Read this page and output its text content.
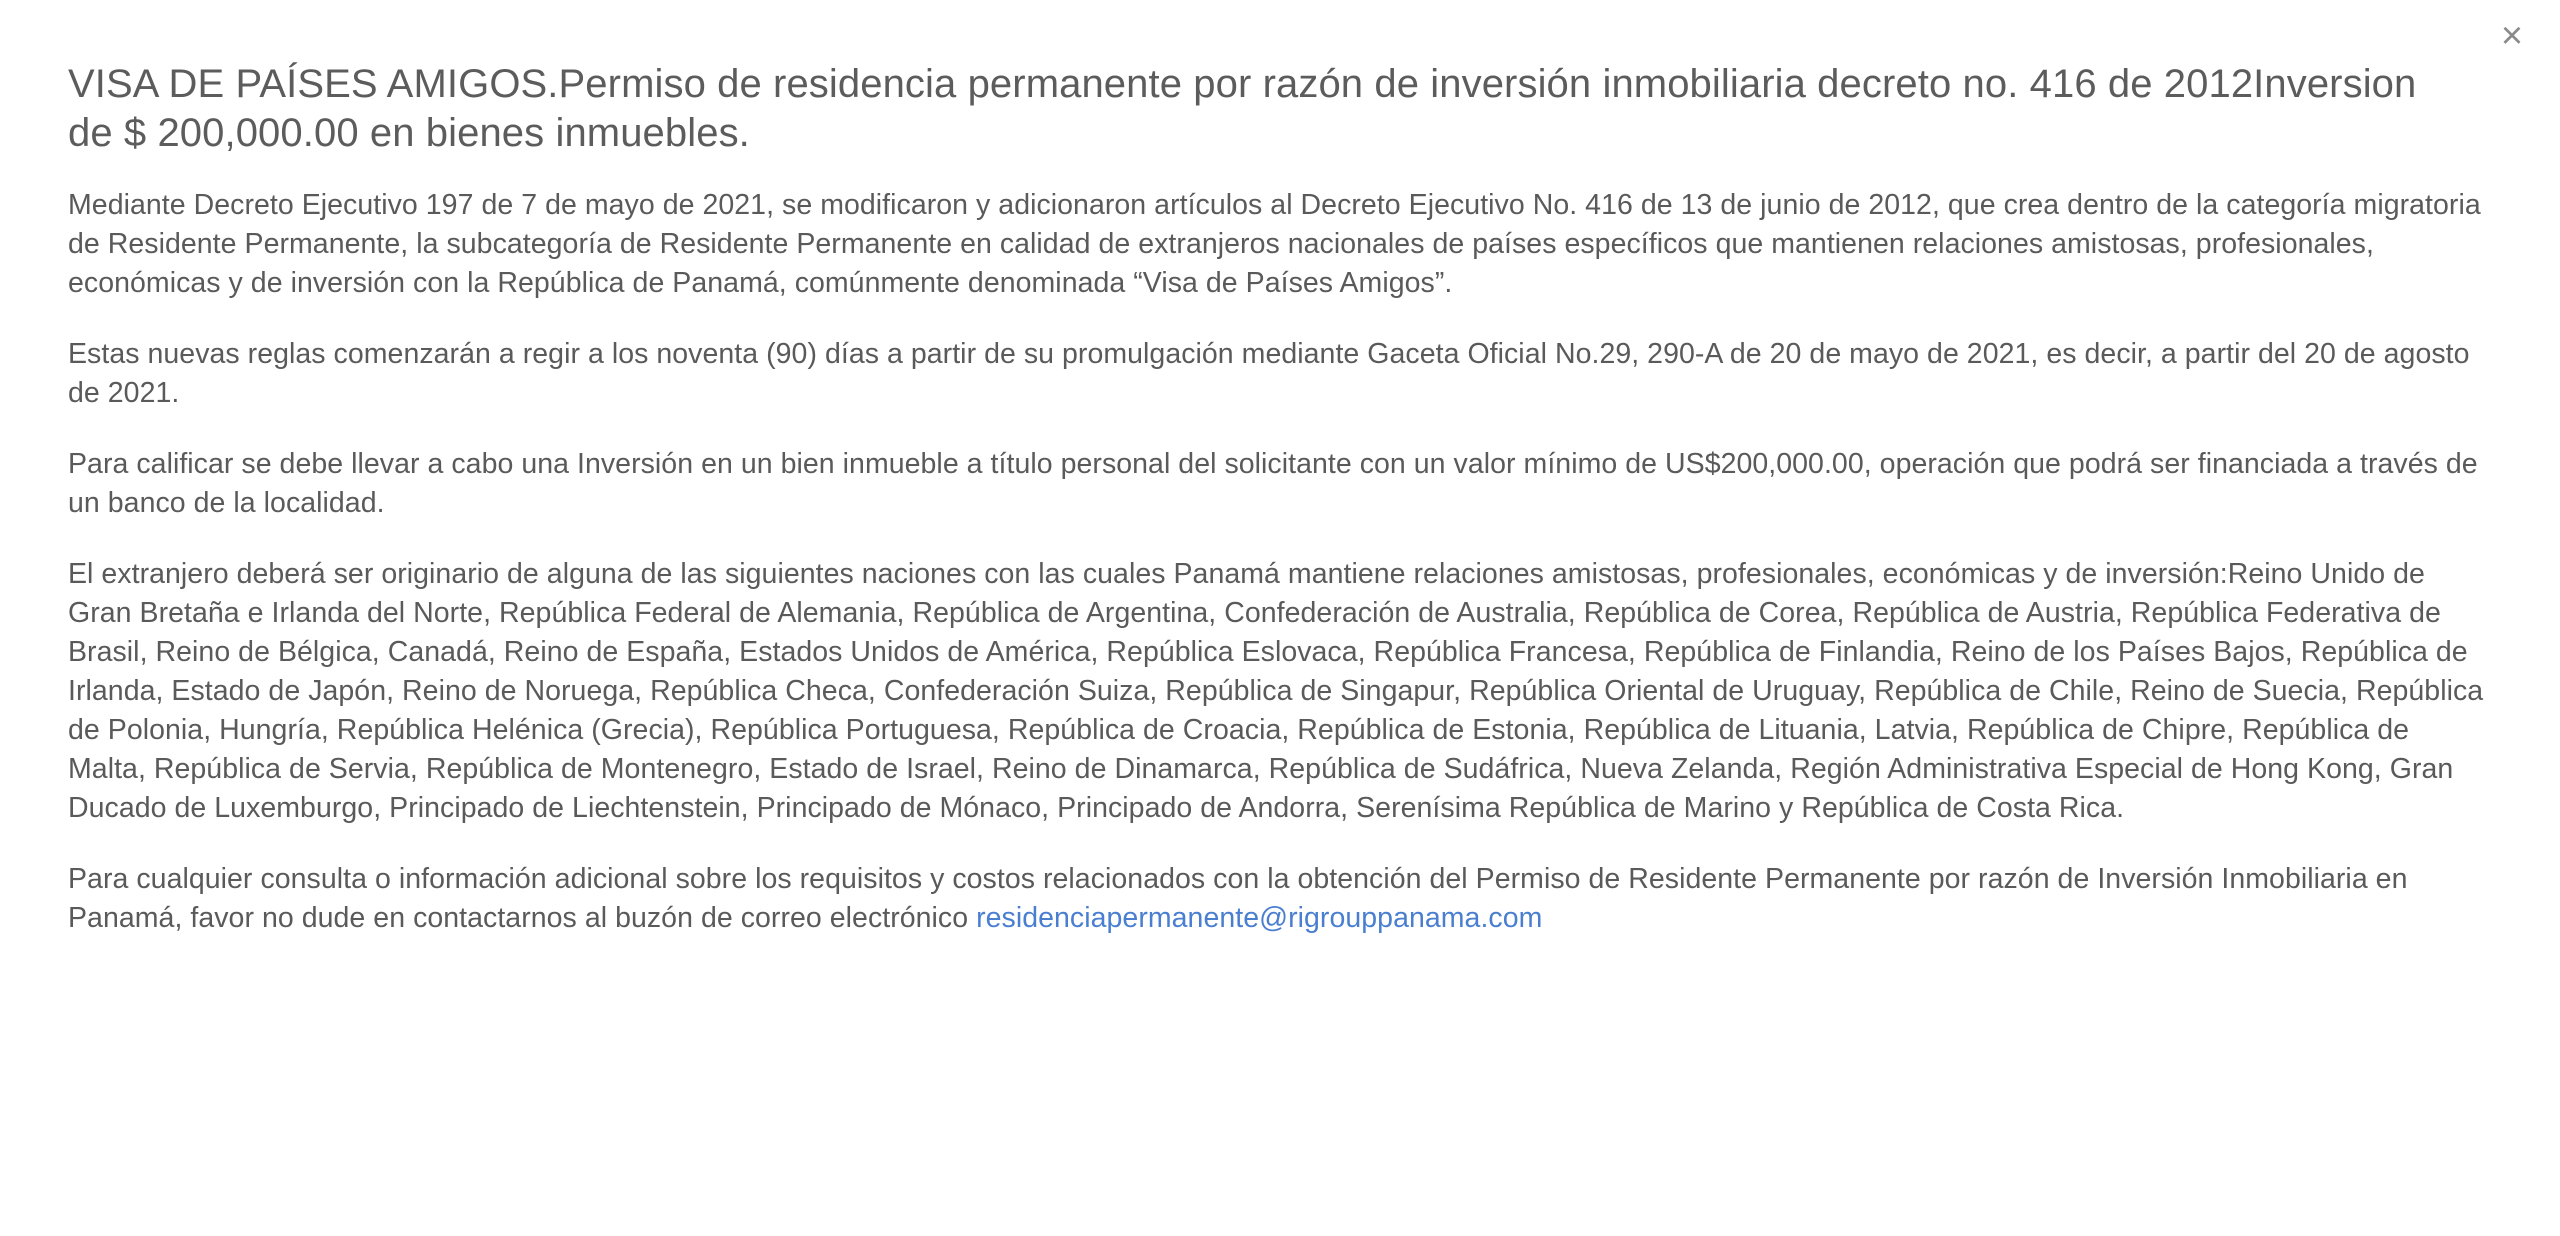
×
VISA DE PAÍSES AMIGOS.Permiso de residencia permanente por razón de inversión inmobiliaria decreto no. 416 de 2012Inversion de $ 200,000.00 en bienes inmuebles.

Mediante Decreto Ejecutivo 197 de 7 de mayo de 2021, se modificaron y adicionaron artículos al Decreto Ejecutivo No. 416 de 13 de junio de 2012, que crea dentro de la categoría migratoria de Residente Permanente, la subcategoría de Residente Permanente en calidad de extranjeros nacionales de países específicos que mantienen relaciones amistosas, profesionales, económicas y de inversión con la República de Panamá, comúnmente denominada “Visa de Países Amigos”.

Estas nuevas reglas comenzarán a regir a los noventa (90) días a partir de su promulgación mediante Gaceta Oficial No.29, 290-A de 20 de mayo de 2021, es decir, a partir del 20 de agosto de 2021.

Para calificar se debe llevar a cabo una Inversión en un bien inmueble a título personal del solicitante con un valor mínimo de US$200,000.00, operación que podrá ser financiada a través de un banco de la localidad.

El extranjero deberá ser originario de alguna de las siguientes naciones con las cuales Panamá mantiene relaciones amistosas, profesionales, económicas y de inversión:Reino Unido de Gran Bretaña e Irlanda del Norte, República Federal de Alemania, República de Argentina, Confederación de Australia, República de Corea, República de Austria, República Federativa de Brasil, Reino de Bélgica, Canadá, Reino de España, Estados Unidos de América, República Eslovaca, República Francesa, República de Finlandia, Reino de los Países Bajos, República de Irlanda, Estado de Japón, Reino de Noruega, República Checa, Confederación Suiza, República de Singapur, República Oriental de Uruguay, República de Chile, Reino de Suecia, República de Polonia, Hungría, República Helénica (Grecia), República Portuguesa, República de Croacia, República de Estonia, República de Lituania, Latvia, República de Chipre, República de Malta, República de Servia, República de Montenegro, Estado de Israel, Reino de Dinamarca, República de Sudáfrica, Nueva Zelanda, Región Administrativa Especial de Hong Kong, Gran Ducado de Luxemburgo, Principado de Liechtenstein, Principado de Mónaco, Principado de Andorra, Serenísima República de Marino y República de Costa Rica.

Para cualquier consulta o información adicional sobre los requisitos y costos relacionados con la obtención del Permiso de Residente Permanente por razón de Inversión Inmobiliaria en Panamá, favor no dude en contactarnos al buzón de correo electrónico residenciapermanente@rigrouppanama.com
